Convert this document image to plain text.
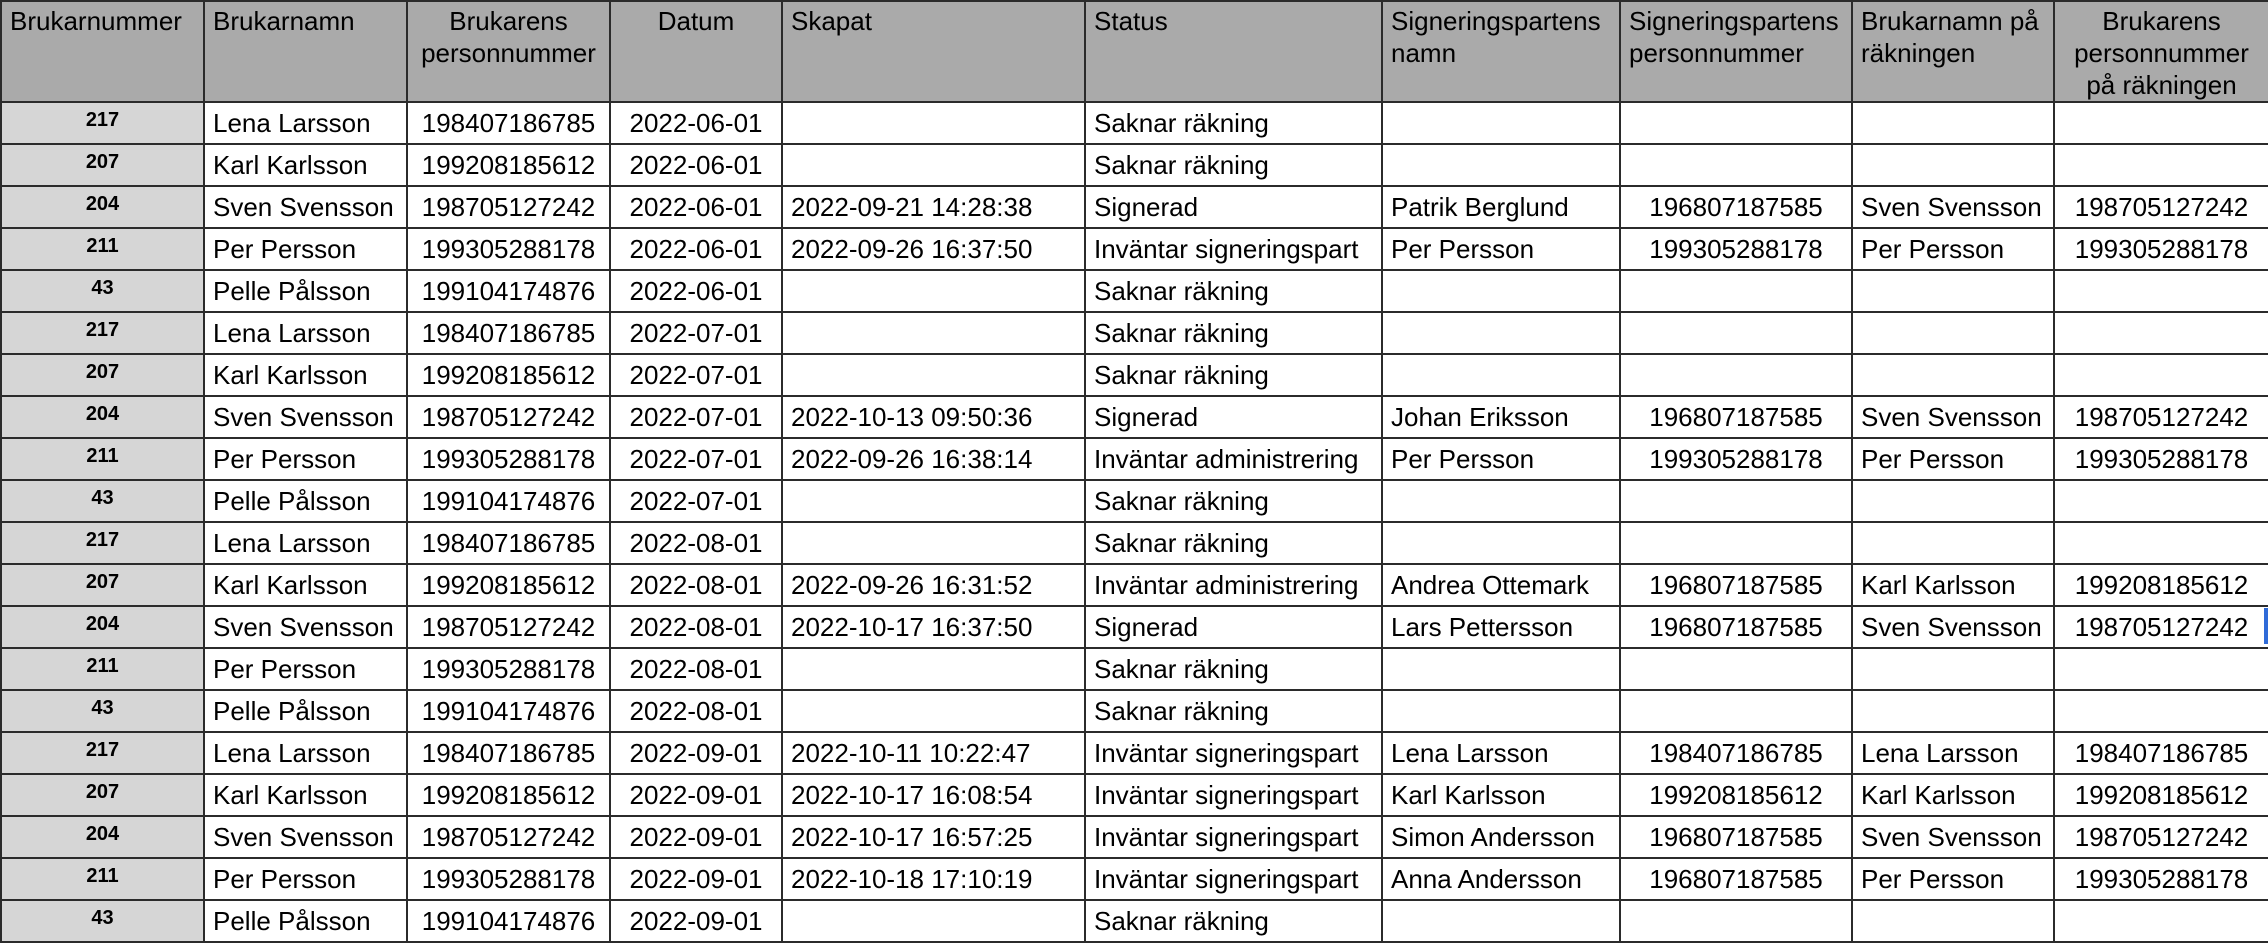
Brukarnummer	Brukarnamn	Brukarens personnummer	Datum	Skapat	Status	Signeringspartens namn	Signeringspartens personnummer	Brukarnamn på räkningen	Brukarens personnummer på räkningen
217	Lena Larsson	198407186785	2022-06-01		Saknar räkning				
207	Karl Karlsson	199208185612	2022-06-01		Saknar räkning				
204	Sven Svensson	198705127242	2022-06-01	2022-09-21 14:28:38	Signerad	Patrik Berglund	196807187585	Sven Svensson	198705127242
211	Per Persson	199305288178	2022-06-01	2022-09-26 16:37:50	Inväntar signeringspart	Per Persson	199305288178	Per Persson	199305288178
43	Pelle Pålsson	199104174876	2022-06-01		Saknar räkning				
217	Lena Larsson	198407186785	2022-07-01		Saknar räkning				
207	Karl Karlsson	199208185612	2022-07-01		Saknar räkning				
204	Sven Svensson	198705127242	2022-07-01	2022-10-13 09:50:36	Signerad	Johan Eriksson	196807187585	Sven Svensson	198705127242
211	Per Persson	199305288178	2022-07-01	2022-09-26 16:38:14	Inväntar administrering	Per Persson	199305288178	Per Persson	199305288178
43	Pelle Pålsson	199104174876	2022-07-01		Saknar räkning				
217	Lena Larsson	198407186785	2022-08-01		Saknar räkning				
207	Karl Karlsson	199208185612	2022-08-01	2022-09-26 16:31:52	Inväntar administrering	Andrea Ottemark	196807187585	Karl Karlsson	199208185612
204	Sven Svensson	198705127242	2022-08-01	2022-10-17 16:37:50	Signerad	Lars Pettersson	196807187585	Sven Svensson	198705127242
211	Per Persson	199305288178	2022-08-01		Saknar räkning				
43	Pelle Pålsson	199104174876	2022-08-01		Saknar räkning				
217	Lena Larsson	198407186785	2022-09-01	2022-10-11 10:22:47	Inväntar signeringspart	Lena Larsson	198407186785	Lena Larsson	198407186785
207	Karl Karlsson	199208185612	2022-09-01	2022-10-17 16:08:54	Inväntar signeringspart	Karl Karlsson	199208185612	Karl Karlsson	199208185612
204	Sven Svensson	198705127242	2022-09-01	2022-10-17 16:57:25	Inväntar signeringspart	Simon Andersson	196807187585	Sven Svensson	198705127242
211	Per Persson	199305288178	2022-09-01	2022-10-18 17:10:19	Inväntar signeringspart	Anna Andersson	196807187585	Per Persson	199305288178
43	Pelle Pålsson	199104174876	2022-09-01		Saknar räkning				
